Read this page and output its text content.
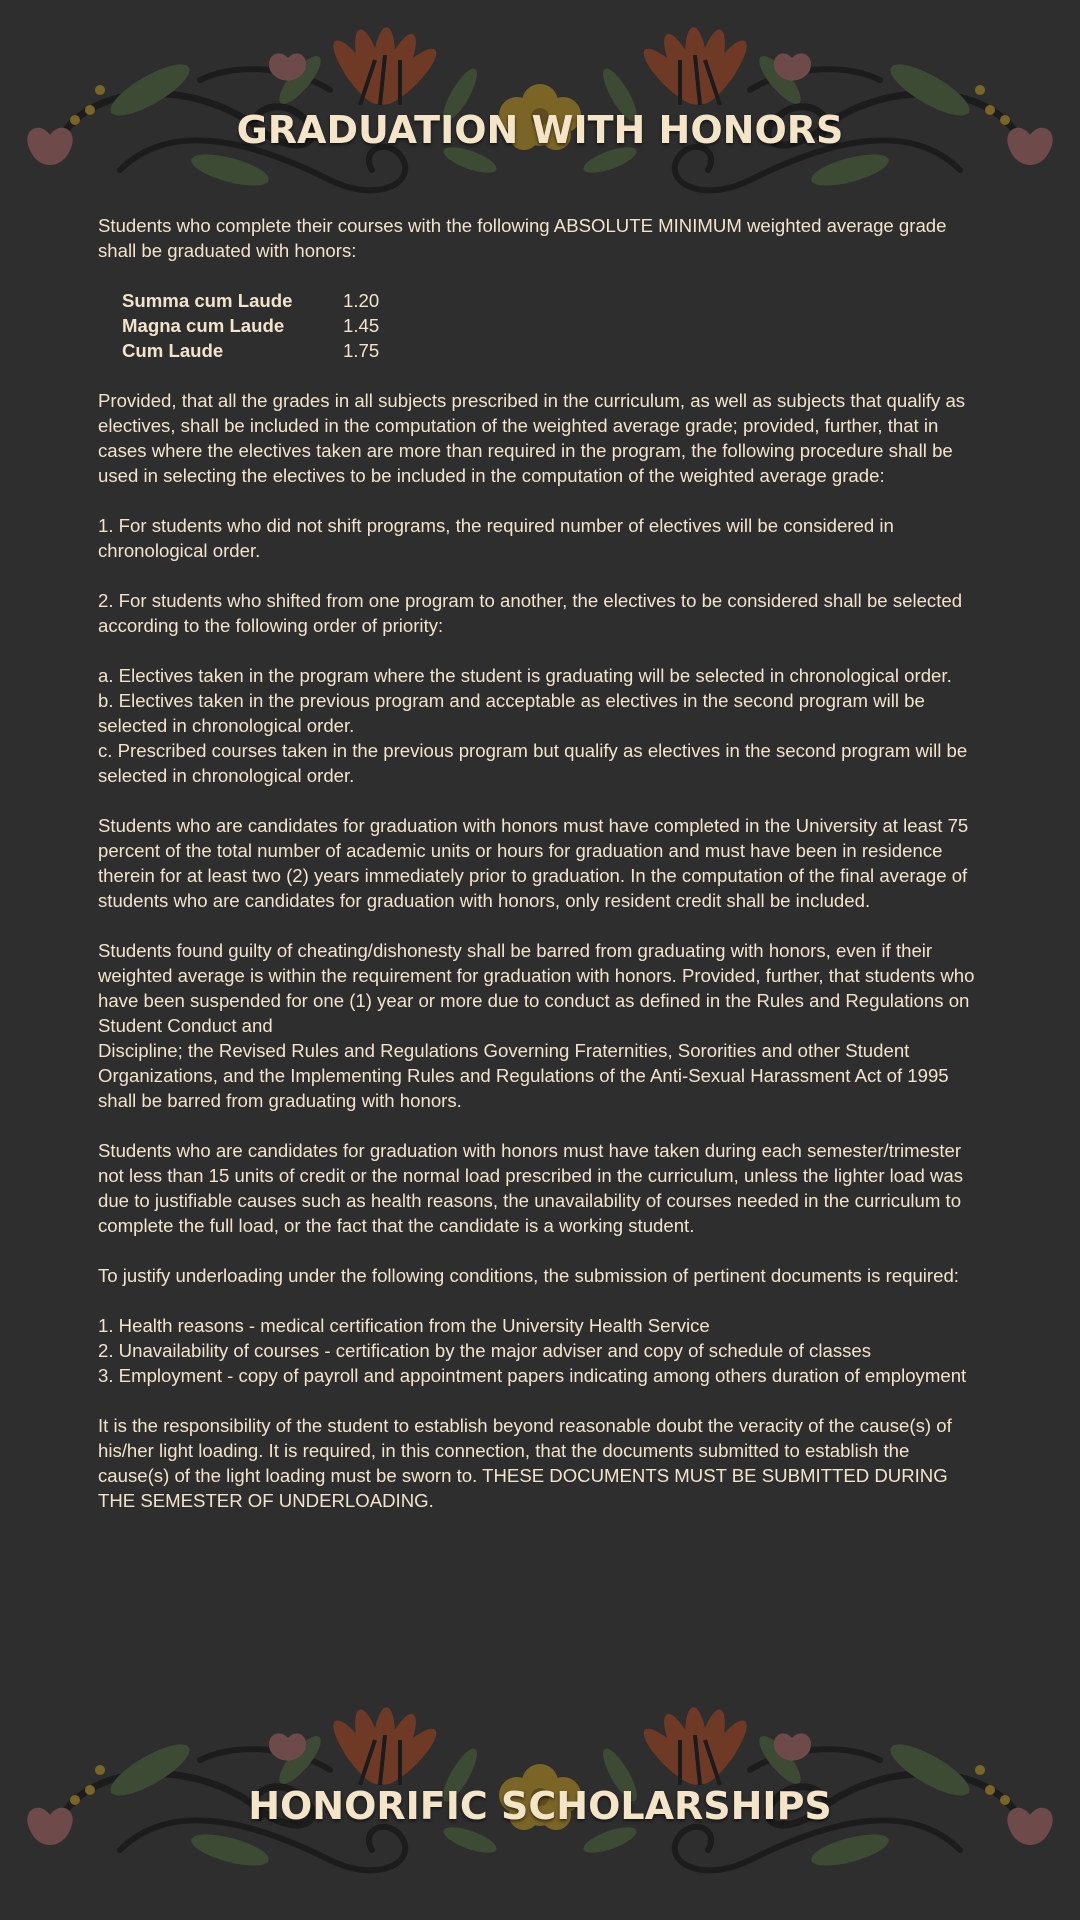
GRADUATION WITH HONORS

Students who complete their courses with the following ABSOLUTE MINIMUM weighted average grade shall be graduated with honors:

Summa cum Laude	1.20
Magna cum Laude	1.45
Cum Laude	1.75

Provided, that all the grades in all subjects prescribed in the curriculum, as well as subjects that qualify as electives, shall be included in the computation of the weighted average grade; provided, further, that in cases where the electives taken are more than required in the program, the following procedure shall be used in selecting the electives to be included in the computation of the weighted average grade:

1. For students who did not shift programs, the required number of electives will be considered in chronological order.

2. For students who shifted from one program to another, the electives to be considered shall be selected according to the following order of priority:

a. Electives taken in the program where the student is graduating will be selected in chronological order.

b. Electives taken in the previous program and acceptable as electives in the second program will be selected in chronological order.

c. Prescribed courses taken in the previous program but qualify as electives in the second program will be selected in chronological order.

Students who are candidates for graduation with honors must have completed in the University at least 75 percent of the total number of academic units or hours for graduation and must have been in residence therein for at least two (2) years immediately prior to graduation. In the computation of the final average of students who are candidates for graduation with honors, only resident credit shall be included.

Students found guilty of cheating/dishonesty shall be barred from graduating with honors, even if their weighted average is within the requirement for graduation with honors. Provided, further, that students who have been suspended for one (1) year or more due to conduct as defined in the Rules and Regulations on Student Conduct and

Discipline; the Revised Rules and Regulations Governing Fraternities, Sororities and other Student Organizations, and the Implementing Rules and Regulations of the Anti-Sexual Harassment Act of 1995 shall be barred from graduating with honors.

Students who are candidates for graduation with honors must have taken during each semester/trimester not less than 15 units of credit or the normal load prescribed in the curriculum, unless the lighter load was due to justifiable causes such as health reasons, the unavailability of courses needed in the curriculum to complete the full load, or the fact that the candidate is a working student.

To justify underloading under the following conditions, the submission of pertinent documents is required:

1. Health reasons - medical certification from the University Health Service

2. Unavailability of courses - certification by the major adviser and copy of schedule of classes

3. Employment - copy of payroll and appointment papers indicating among others duration of employment

It is the responsibility of the student to establish beyond reasonable doubt the veracity of the cause(s) of his/her light loading. It is required, in this connection, that the documents submitted to establish the cause(s) of the light loading must be sworn to. THESE DOCUMENTS MUST BE SUBMITTED DURING THE SEMESTER OF UNDERLOADING.

HONORIFIC SCHOLARSHIPS
